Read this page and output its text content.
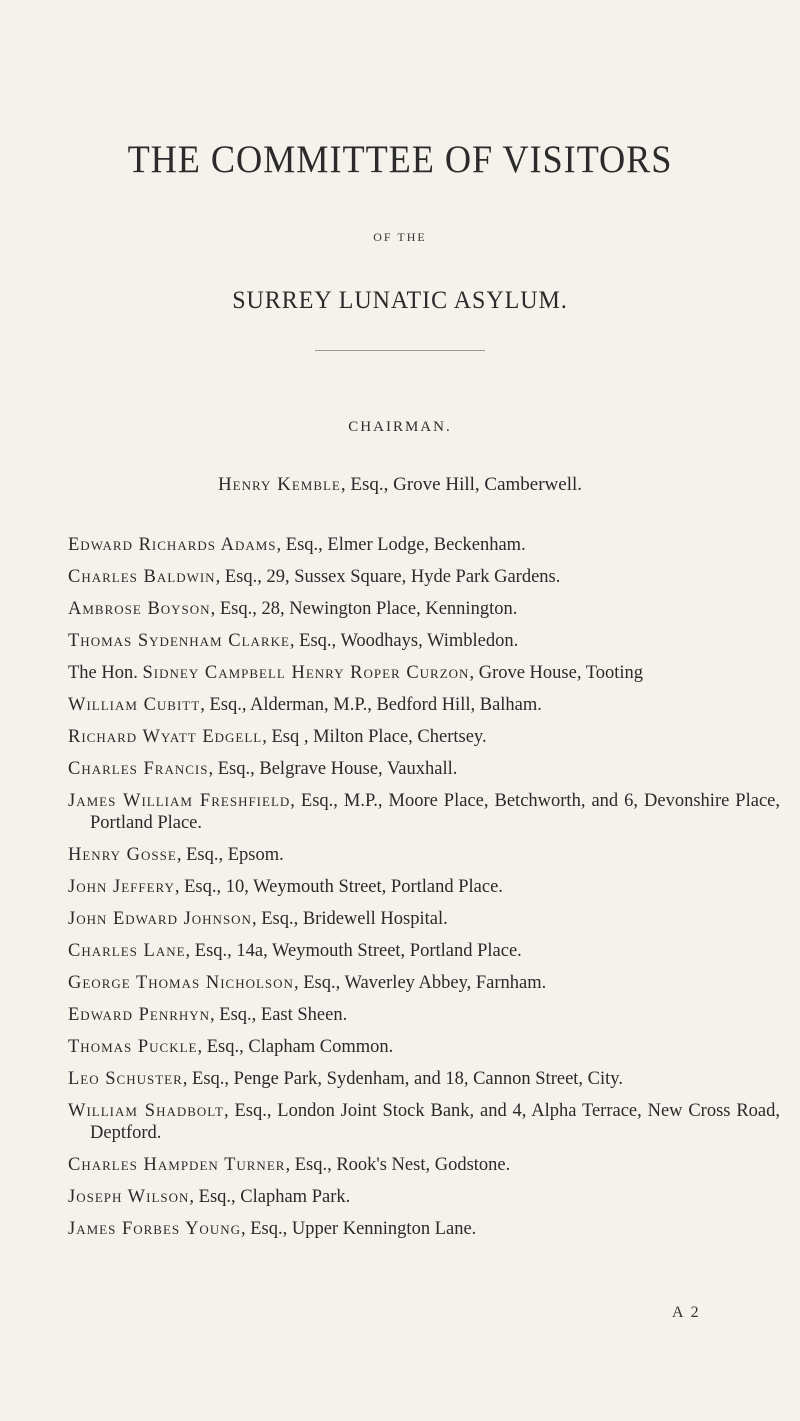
THE COMMITTEE OF VISITORS
OF THE
SURREY LUNATIC ASYLUM.
CHAIRMAN.
Henry Kemble, Esq., Grove Hill, Camberwell.
Edward Richards Adams, Esq., Elmer Lodge, Beckenham.
Charles Baldwin, Esq., 29, Sussex Square, Hyde Park Gardens.
Ambrose Boyson, Esq., 28, Newington Place, Kennington.
Thomas Sydenham Clarke, Esq., Woodhays, Wimbledon.
The Hon. Sidney Campbell Henry Roper Curzon, Grove House, Tooting
William Cubitt, Esq., Alderman, M.P., Bedford Hill, Balham.
Richard Wyatt Edgell, Esq , Milton Place, Chertsey.
Charles Francis, Esq., Belgrave House, Vauxhall.
James William Freshfield, Esq., M.P., Moore Place, Betchworth, and 6, Devonshire Place, Portland Place.
Henry Gosse, Esq., Epsom.
John Jeffery, Esq., 10, Weymouth Street, Portland Place.
John Edward Johnson, Esq., Bridewell Hospital.
Charles Lane, Esq., 14a, Weymouth Street, Portland Place.
George Thomas Nicholson, Esq., Waverley Abbey, Farnham.
Edward Penrhyn, Esq., East Sheen.
Thomas Puckle, Esq., Clapham Common.
Leo Schuster, Esq., Penge Park, Sydenham, and 18, Cannon Street, City.
William Shadbolt, Esq., London Joint Stock Bank, and 4, Alpha Terrace, New Cross Road, Deptford.
Charles Hampden Turner, Esq., Rook's Nest, Godstone.
Joseph Wilson, Esq., Clapham Park.
James Forbes Young, Esq., Upper Kennington Lane.
A 2
